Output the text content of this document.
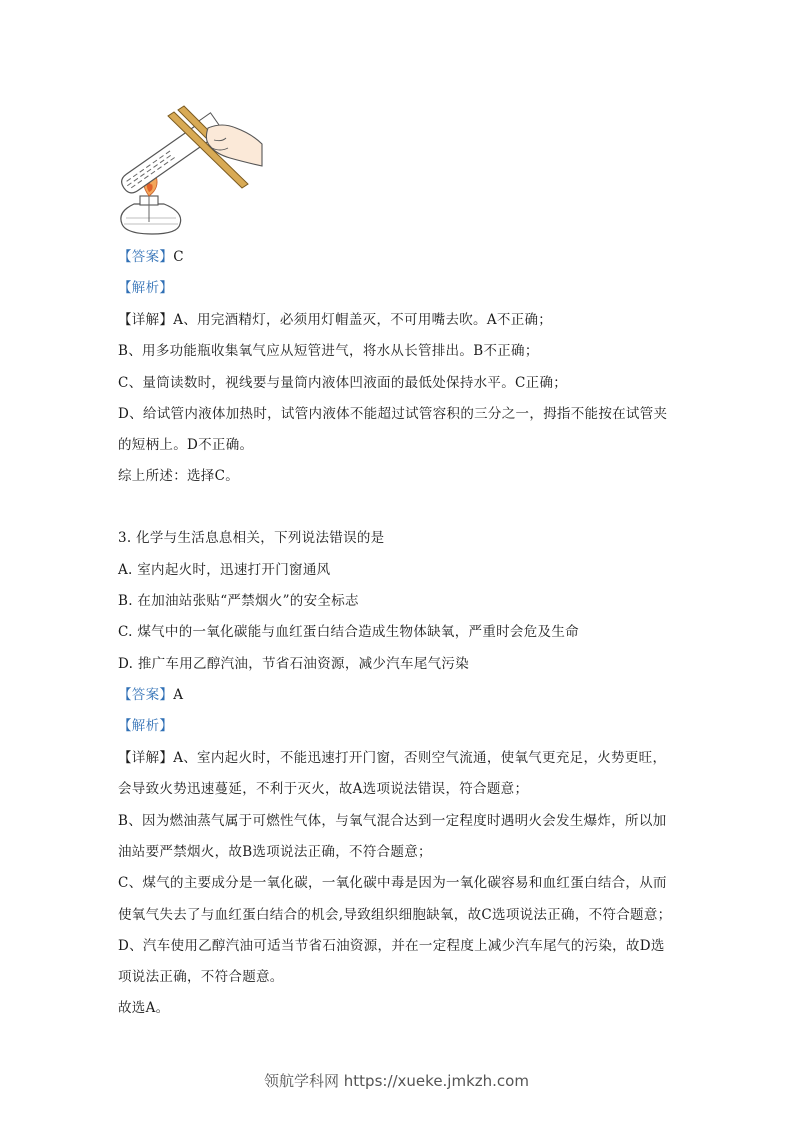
【答案】C
【解析】
【详解】A、用完酒精灯，必须用灯帽盖灭，不可用嘴去吹。A不正确；
B、用多功能瓶收集氧气应从短管进气，将水从长管排出。B不正确；
C、量筒读数时，视线要与量筒内液体凹液面的最低处保持水平。C正确；
D、给试管内液体加热时，试管内液体不能超过试管容积的三分之一，拇指不能按在试管夹
的短柄上。D不正确。
综上所述：选择C。
3. 化学与生活息息相关，下列说法错误的是
A. 室内起火时，迅速打开门窗通风
B. 在加油站张贴“严禁烟火”的安全标志
C. 煤气中的一氧化碳能与血红蛋白结合造成生物体缺氧，严重时会危及生命
D. 推广车用乙醇汽油，节省石油资源，减少汽车尾气污染
【答案】A
【解析】
【详解】A、室内起火时，不能迅速打开门窗，否则空气流通，使氧气更充足，火势更旺，
会导致火势迅速蔓延，不利于灭火，故A选项说法错误，符合题意；
B、因为燃油蒸气属于可燃性气体，与氧气混合达到一定程度时遇明火会发生爆炸，所以加
油站要严禁烟火，故B选项说法正确，不符合题意；
C、煤气的主要成分是一氧化碳，一氧化碳中毒是因为一氧化碳容易和血红蛋白结合，从而
使氧气失去了与血红蛋白结合的机会,导致组织细胞缺氧，故C选项说法正确，不符合题意；
D、汽车使用乙醇汽油可适当节省石油资源，并在一定程度上减少汽车尾气的污染，故D选
项说法正确，不符合题意。
故选A。
领航学科网 https://xueke.jmkzh.com
